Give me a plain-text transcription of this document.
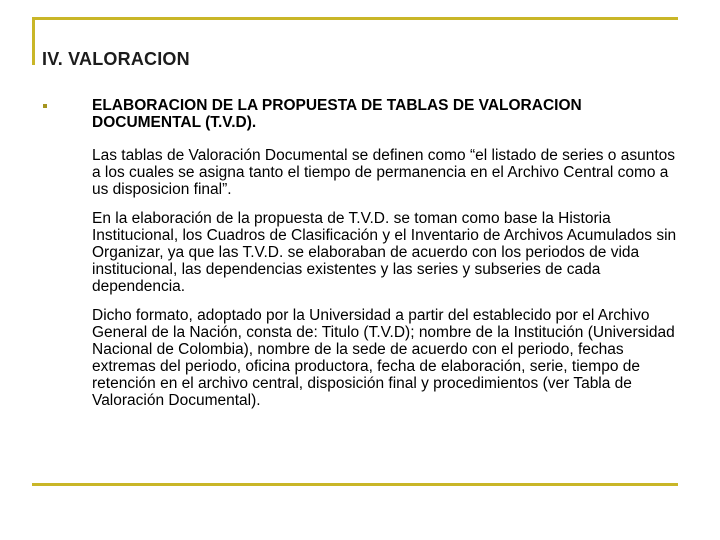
IV. VALORACION

ELABORACION DE LA PROPUESTA DE TABLAS DE VALORACION DOCUMENTAL (T.V.D).

Las tablas de Valoración Documental se definen como “el listado de series o asuntos a los cuales se asigna tanto el tiempo de permanencia en el Archivo Central como a us disposicion final”.

En la elaboración de la propuesta de T.V.D. se toman como base la Historia Institucional, los Cuadros de Clasificación y el Inventario de Archivos Acumulados sin Organizar, ya que las T.V.D. se elaboraban de acuerdo con los periodos de vida institucional, las dependencias existentes y las series y subseries de cada dependencia.

Dicho formato, adoptado por la Universidad a partir del establecido por el Archivo General de la Nación, consta de: Titulo (T.V.D); nombre de la Institución (Universidad Nacional de Colombia), nombre de la sede de acuerdo con el periodo, fechas extremas del periodo, oficina productora, fecha de elaboración, serie, tiempo de retención en el archivo central, disposición final y procedimientos (ver Tabla de Valoración Documental).
